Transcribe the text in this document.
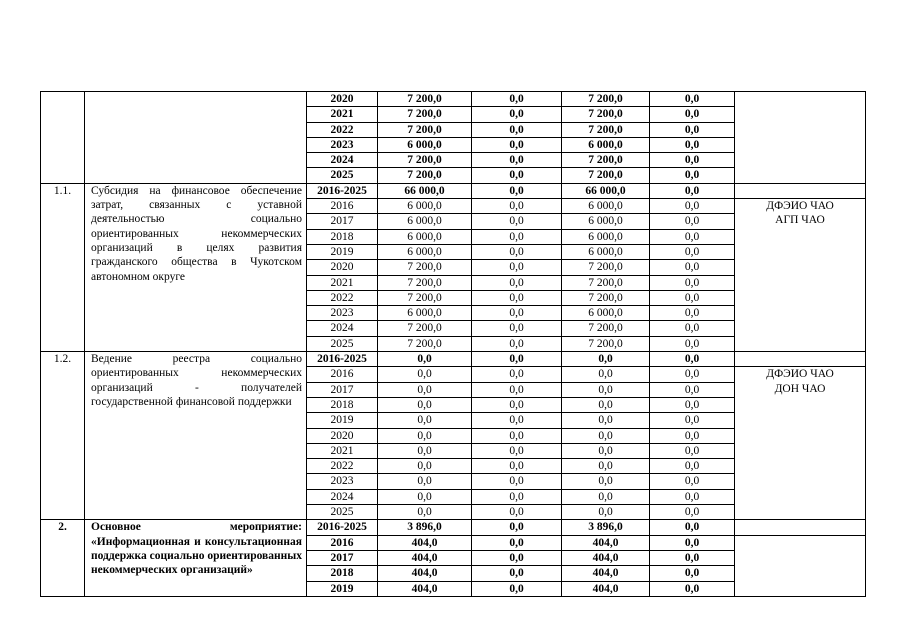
		2020	7 200,0	0,0	7 200,0	0,0	
		2021	7 200,0	0,0	7 200,0	0,0	
		2022	7 200,0	0,0	7 200,0	0,0	
		2023	6 000,0	0,0	6 000,0	0,0	
		2024	7 200,0	0,0	7 200,0	0,0	
		2025	7 200,0	0,0	7 200,0	0,0	
1.1.	Субсидия на финансовое обеспечение затрат, связанных с уставной деятельностью социально ориентированных некоммерческих организаций в целях развития гражданского общества в Чукотском автономном округе	2016-2025	66 000,0	0,0	66 000,0	0,0	
		2016	6 000,0	0,0	6 000,0	0,0	ДФЭИО ЧАО
АГП ЧАО

		2017	6 000,0	0,0	6 000,0	0,0	
		2018	6 000,0	0,0	6 000,0	0,0	
		2019	6 000,0	0,0	6 000,0	0,0	
		2020	7 200,0	0,0	7 200,0	0,0	
		2021	7 200,0	0,0	7 200,0	0,0	
		2022	7 200,0	0,0	7 200,0	0,0	
		2023	6 000,0	0,0	6 000,0	0,0	
		2024	7 200,0	0,0	7 200,0	0,0	
		2025	7 200,0	0,0	7 200,0	0,0	
1.2.	Ведение реестра социально ориентированных некоммерческих организаций - получателей государственной финансовой поддержки	2016-2025	0,0	0,0	0,0	0,0	
		2016	0,0	0,0	0,0	0,0	ДФЭИО ЧАО
ДОН ЧАО

		2017	0,0	0,0	0,0	0,0	
		2018	0,0	0,0	0,0	0,0	
		2019	0,0	0,0	0,0	0,0	
		2020	0,0	0,0	0,0	0,0	
		2021	0,0	0,0	0,0	0,0	
		2022	0,0	0,0	0,0	0,0	
		2023	0,0	0,0	0,0	0,0	
		2024	0,0	0,0	0,0	0,0	
		2025	0,0	0,0	0,0	0,0	
2.	Основное мероприятие: «Информационная и консультационная поддержка социально ориентированных некоммерческих организаций»	2016-2025	3 896,0	0,0	3 896,0	0,0	
		2016	404,0	0,0	404,0	0,0	
		2017	404,0	0,0	404,0	0,0	
		2018	404,0	0,0	404,0	0,0	
		2019	404,0	0,0	404,0	0,0	
